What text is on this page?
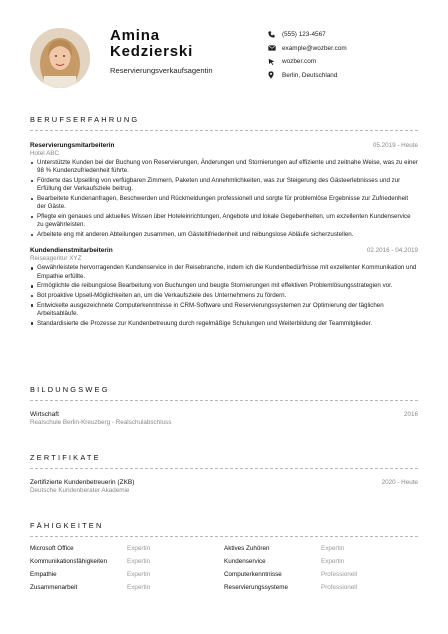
Amina
Kedzierski
Reservierungsverkaufsagentin
(555) 123-4567
example@wozber.com
wozber.com
Berlin, Deutschland
BERUFSERFAHRUNG
Reservierungsmitarbeiterin	05.2019 - Heute
Hotel ABC
Unterstützte Kunden bei der Buchung von Reservierungen, Änderungen und Stornierungen auf effiziente und zeitnahe Weise, was zu einer 98 % Kundenzufriedenheit führte.
Förderte das Upselling von verfügbaren Zimmern, Paketen und Annehmlichkeiten, was zur Steigerung des Gästeerlebnisses und zur Erfüllung der Verkaufsziele beitrug.
Bearbeitete Kundenanfragen, Beschwerden und Rückmeldungen professionell und sorgte für problemlöse Ergebnisse zur Zufriedenheit der Gäste.
Pflegte ein genaues und aktuelles Wissen über Hoteleinrichtungen, Angebote und lokale Gegebenheiten, um exzellenten Kundenservice zu gewährleisten.
Arbeitete eng mit anderen Abteilungen zusammen, um Gästeltifriedenheit und reibungslose Abläufe sicherzustellen.
Kundendienstmitarbeiterin	02.2016 - 04.2019
Reiseagentur XYZ
Gewährleistete hervorragenden Kundenservice in der Reisebranche, indem ich die Kundenbedürfnisse mit exzellenter Kommunikation und Empathie erfüllte.
Ermöglichte die reibungslose Bearbeitung von Buchungen und beugte Stornierungen mit effektiven Problemlösungsstrategien vor.
Bot proaktive Upsell-Möglichkeiten an, um die Verkaufsziele des Unternehmens zu fördern.
Entwickelte ausgezeichnete Computerkenntnisse in CRM-Software und Reservierungssystemen zur Optimierung der täglichen Arbeitsabläufe.
Standardisierte die Prozesse zur Kundenbetreuung durch regelmäßige Schulungen und Weiterbildung der Teammitglieder.
BILDUNGSWEG
Wirtschaft	2016
Realschule Berlin-Kreuzberg - Realschulabschluss
ZERTIFIKATE
Zertifizierte Kundenbetreuerin (ZKB)	2020 - Heute
Deutsche Kundenberater Akademie
FÄHIGKEITEN
Microsoft Office	Expertin	Aktives Zuhören	Expertin
Kommunikationsfähigkeiten	Expertin	Kundenservice	Expertin
Empathie	Expertin	Computerkenntnisse	Professionell
Zusammenarbeit	Expertin	Reservierungssysteme	Professionell
